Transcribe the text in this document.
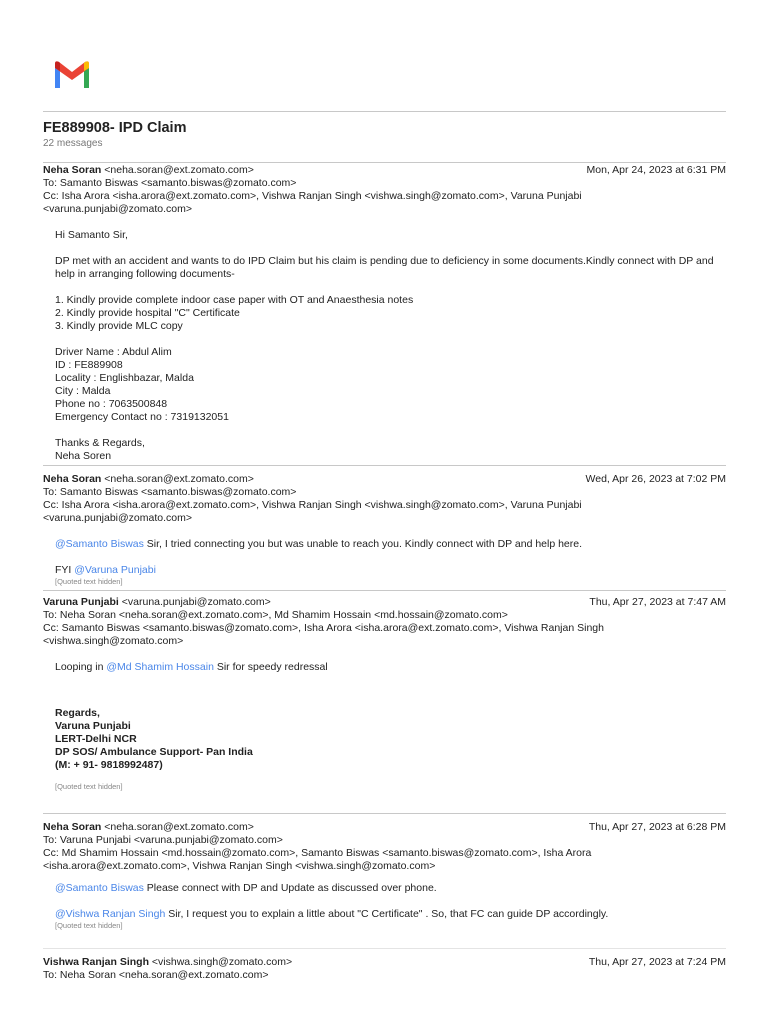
FE889908- IPD Claim
22 messages
Neha Soran <neha.soran@ext.zomato.com>	Mon, Apr 24, 2023 at 6:31 PM
To: Samanto Biswas <samanto.biswas@zomato.com>
Cc: Isha Arora <isha.arora@ext.zomato.com>, Vishwa Ranjan Singh <vishwa.singh@zomato.com>, Varuna Punjabi <varuna.punjabi@zomato.com>
Hi Samanto Sir,
DP met with an accident and wants to do IPD Claim but his claim is pending due to deficiency in some documents.Kindly connect with DP and
help in arranging following documents-
1. Kindly provide complete indoor case paper with OT and Anaesthesia notes
2. Kindly provide hospital "C" Certificate
3. Kindly provide MLC copy
Driver Name : Abdul Alim
ID : FE889908
Locality : Englishbazar, Malda
City : Malda
Phone no : 7063500848
Emergency Contact no : 7319132051
Thanks & Regards,
Neha Soren
Neha Soran <neha.soran@ext.zomato.com>	Wed, Apr 26, 2023 at 7:02 PM
To: Samanto Biswas <samanto.biswas@zomato.com>
Cc: Isha Arora <isha.arora@ext.zomato.com>, Vishwa Ranjan Singh <vishwa.singh@zomato.com>, Varuna Punjabi <varuna.punjabi@zomato.com>
@Samanto Biswas Sir, I tried connecting you but was unable to reach you. Kindly connect with DP and help here.
FYI @Varuna Punjabi
[Quoted text hidden]
Varuna Punjabi <varuna.punjabi@zomato.com>	Thu, Apr 27, 2023 at 7:47 AM
To: Neha Soran <neha.soran@ext.zomato.com>, Md Shamim Hossain <md.hossain@zomato.com>
Cc: Samanto Biswas <samanto.biswas@zomato.com>, Isha Arora <isha.arora@ext.zomato.com>, Vishwa Ranjan Singh
<vishwa.singh@zomato.com>
Looping in @Md Shamim Hossain Sir for speedy redressal
Regards,
Varuna Punjabi
LERT-Delhi NCR
DP SOS/ Ambulance Support- Pan India
(M: + 91- 9818992487)
[Quoted text hidden]
Neha Soran <neha.soran@ext.zomato.com>	Thu, Apr 27, 2023 at 6:28 PM
To: Varuna Punjabi <varuna.punjabi@zomato.com>
Cc: Md Shamim Hossain <md.hossain@zomato.com>, Samanto Biswas <samanto.biswas@zomato.com>, Isha Arora
<isha.arora@ext.zomato.com>, Vishwa Ranjan Singh <vishwa.singh@zomato.com>
@Samanto Biswas Please connect with DP and Update as discussed over phone.
@Vishwa Ranjan Singh Sir, I request you to explain a little about "C Certificate" . So, that FC can guide DP accordingly.
[Quoted text hidden]
Vishwa Ranjan Singh <vishwa.singh@zomato.com>	Thu, Apr 27, 2023 at 7:24 PM
To: Neha Soran <neha.soran@ext.zomato.com>
